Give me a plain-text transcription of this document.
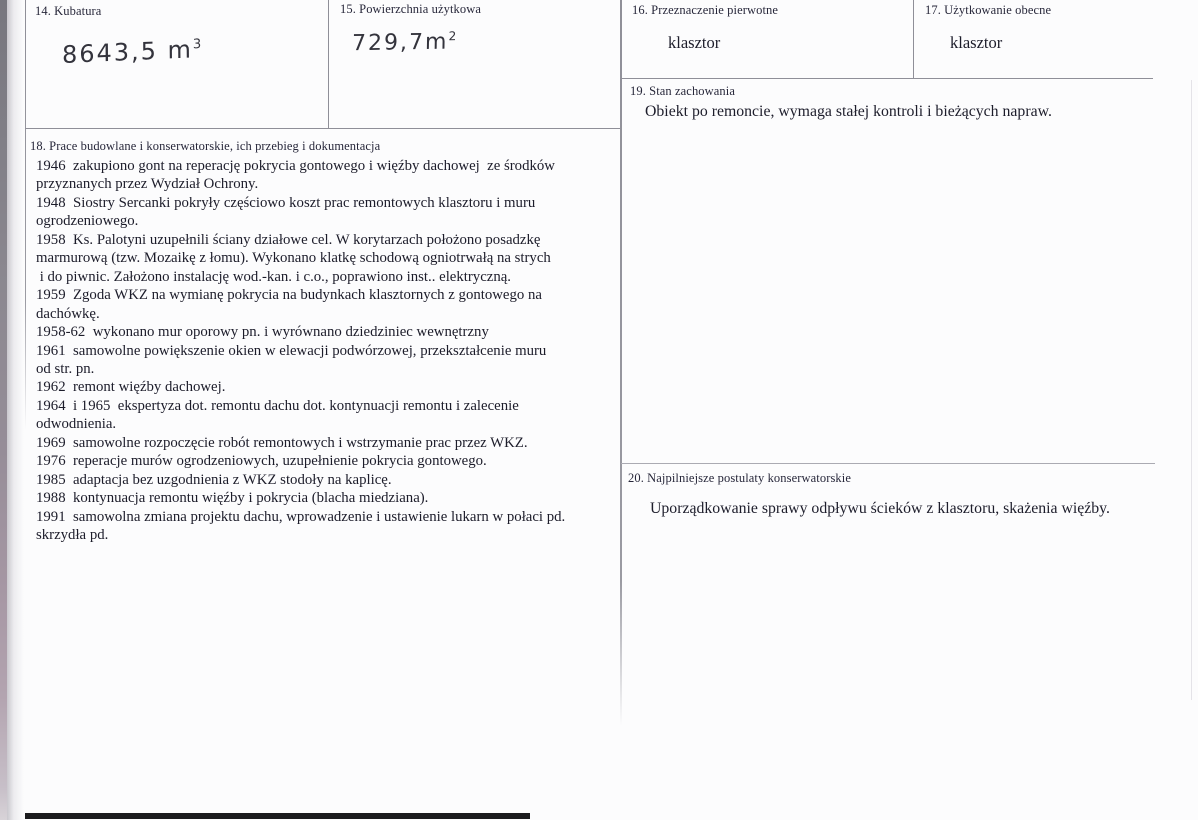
14. Kubatura
8643,5 $m^3$
15. Powierzchnia użytkowa
$729,7m^2$
16. Przeznaczenie pierwotne
klasztor
17. Użytkowanie obecne
klasztor
19. Stan zachowania
Obiekt po remoncie, wymaga stałej kontroli i bieżących napraw.
18. Prace budowlane i konserwatorskie, ich przebieg i dokumentacja
1946  zakupiono gont na reperację pokrycia gontowego i więźby dachowej  ze środków
przyznanych przez Wydział Ochrony.
1948  Siostry Sercanki pokryły częściowo koszt prac remontowych klasztoru i muru
ogrodzeniowego.
1958  Ks. Palotyni uzupełnili ściany działowe cel. W korytarzach położono posadzkę
marmurową (tzw. Mozaikę z łomu). Wykonano klatkę schodową ogniotrwałą na strych
i do piwnic. Założono instalację wod.-kan. i c.o., poprawiono inst.. elektryczną.
1959  Zgoda WKZ na wymianę pokrycia na budynkach klasztornych z gontowego na
dachówkę.
1958-62  wykonano mur oporowy pn. i wyrównano dziedziniec wewnętrzny
1961  samowolne powiększenie okien w elewacji podwórzowej, przekształcenie muru
od str. pn.
1962  remont więźby dachowej.
1964  i 1965  ekspertyza dot. remontu dachu dot. kontynuacji remontu i zalecenie
odwodnienia.
1969  samowolne rozpoczęcie robót remontowych i wstrzymanie prac przez WKZ.
1976  reperacje murów ogrodzeniowych, uzupełnienie pokrycia gontowego.
1985  adaptacja bez uzgodnienia z WKZ stodoły na kaplicę.
1988  kontynuacja remontu więźby i pokrycia (blacha miedziana).
1991  samowolna zmiana projektu dachu, wprowadzenie i ustawienie lukarn w połaci pd.
skrzydła pd.
20. Najpilniejsze postulaty konserwatorskie
Uporządkowanie sprawy odpływu ścieków z klasztoru, skażenia więźby.
